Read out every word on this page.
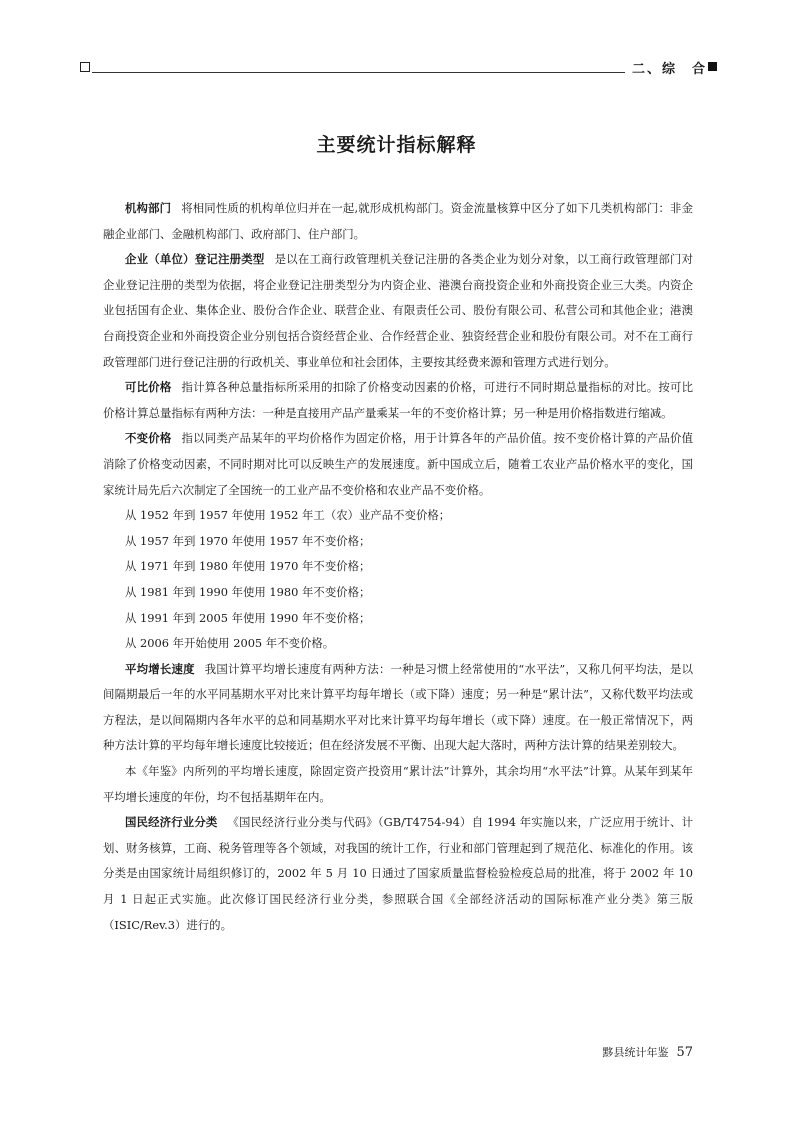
二、综　合
主要统计指标解释

机构部门 将相同性质的机构单位归并在一起,就形成机构部门。资金流量核算中区分了如下几类机构部门：非金融企业部门、金融机构部门、政府部门、住户部门。

企业（单位）登记注册类型 是以在工商行政管理机关登记注册的各类企业为划分对象，以工商行政管理部门对企业登记注册的类型为依据，将企业登记注册类型分为内资企业、港澳台商投资企业和外商投资企业三大类。内资企业包括国有企业、集体企业、股份合作企业、联营企业、有限责任公司、股份有限公司、私营公司和其他企业；港澳台商投资企业和外商投资企业分别包括合资经营企业、合作经营企业、独资经营企业和股份有限公司。对不在工商行政管理部门进行登记注册的行政机关、事业单位和社会团体，主要按其经费来源和管理方式进行划分。

可比价格 指计算各种总量指标所采用的扣除了价格变动因素的价格，可进行不同时期总量指标的对比。按可比价格计算总量指标有两种方法：一种是直接用产品产量乘某一年的不变价格计算；另一种是用价格指数进行缩减。

不变价格 指以同类产品某年的平均价格作为固定价格，用于计算各年的产品价值。按不变价格计算的产品价值消除了价格变动因素，不同时期对比可以反映生产的发展速度。新中国成立后，随着工农业产品价格水平的变化，国家统计局先后六次制定了全国统一的工业产品不变价格和农业产品不变价格。

从 1952 年到 1957 年使用 1952 年工（农）业产品不变价格；

从 1957 年到 1970 年使用 1957 年不变价格；

从 1971 年到 1980 年使用 1970 年不变价格；

从 1981 年到 1990 年使用 1980 年不变价格；

从 1991 年到 2005 年使用 1990 年不变价格；

从 2006 年开始使用 2005 年不变价格。

平均增长速度 我国计算平均增长速度有两种方法：一种是习惯上经常使用的“水平法”，又称几何平均法，是以间隔期最后一年的水平同基期水平对比来计算平均每年增长（或下降）速度；另一种是“累计法”，又称代数平均法或方程法，是以间隔期内各年水平的总和同基期水平对比来计算平均每年增长（或下降）速度。在一般正常情况下，两种方法计算的平均每年增长速度比较接近；但在经济发展不平衡、出现大起大落时，两种方法计算的结果差别较大。

本《年鉴》内所列的平均增长速度，除固定资产投资用“累计法”计算外，其余均用“水平法”计算。从某年到某年平均增长速度的年份，均不包括基期年在内。

国民经济行业分类 《国民经济行业分类与代码》（GB/T4754-94）自 1994 年实施以来，广泛应用于统计、计划、财务核算，工商、税务管理等各个领域，对我国的统计工作，行业和部门管理起到了规范化、标准化的作用。该分类是由国家统计局组织修订的，2002 年 5 月 10 日通过了国家质量监督检验检疫总局的批准，将于 2002 年 10 月 1 日起正式实施。此次修订国民经济行业分类，参照联合国《全部经济活动的国际标准产业分类》第三版（ISIC/Rev.3）进行的。

黟县统计年鉴 57
